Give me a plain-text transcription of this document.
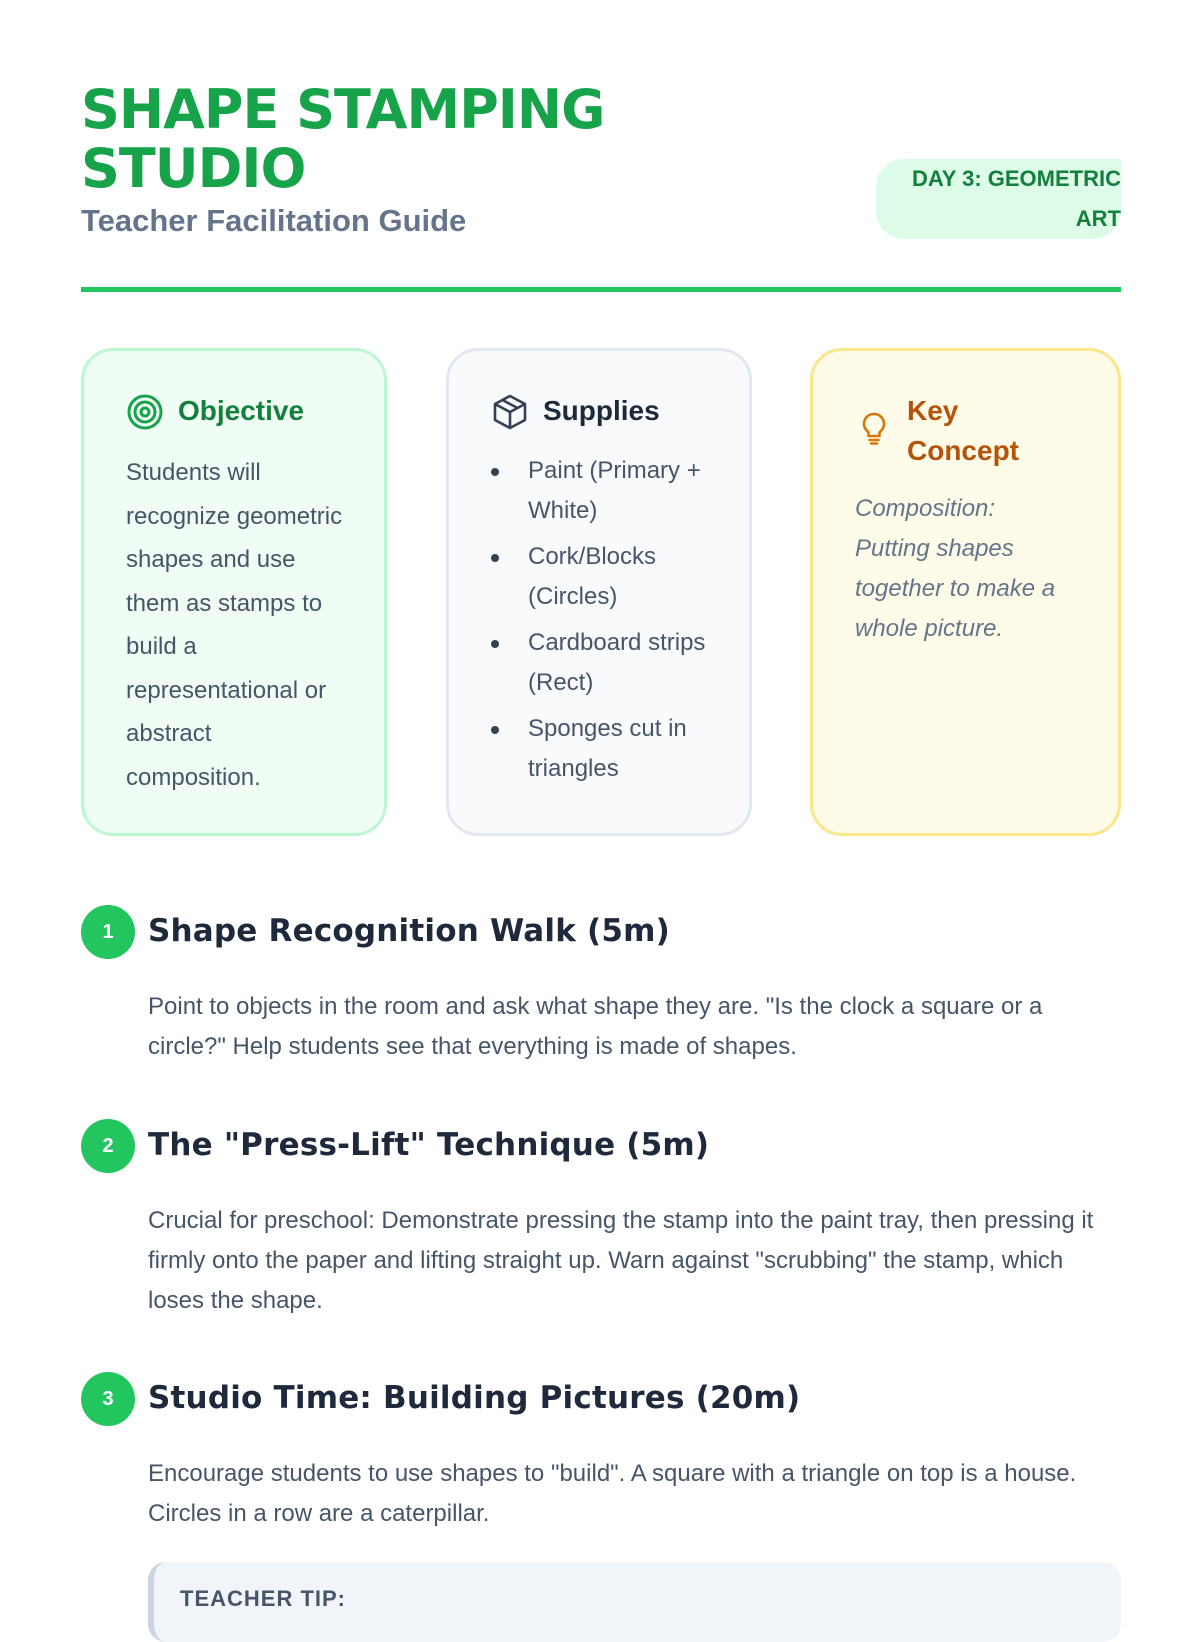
SHAPE STAMPING STUDIO
Teacher Facilitation Guide
DAY 3: GEOMETRIC ART
Objective
Students will recognize geometric shapes and use them as stamps to build a representational or abstract composition.
Supplies
Paint (Primary + White)
Cork/Blocks (Circles)
Cardboard strips (Rect)
Sponges cut in triangles
Key Concept
Composition: Putting shapes together to make a whole picture.
1	Shape Recognition Walk (5m)
Point to objects in the room and ask what shape they are. "Is the clock a square or a circle?" Help students see that everything is made of shapes.
2	The "Press-Lift" Technique (5m)
Crucial for preschool: Demonstrate pressing the stamp into the paint tray, then pressing it firmly onto the paper and lifting straight up. Warn against "scrubbing" the stamp, which loses the shape.
3	Studio Time: Building Pictures (20m)
Encourage students to use shapes to "build". A square with a triangle on top is a house. Circles in a row are a caterpillar.
TEACHER TIP:
